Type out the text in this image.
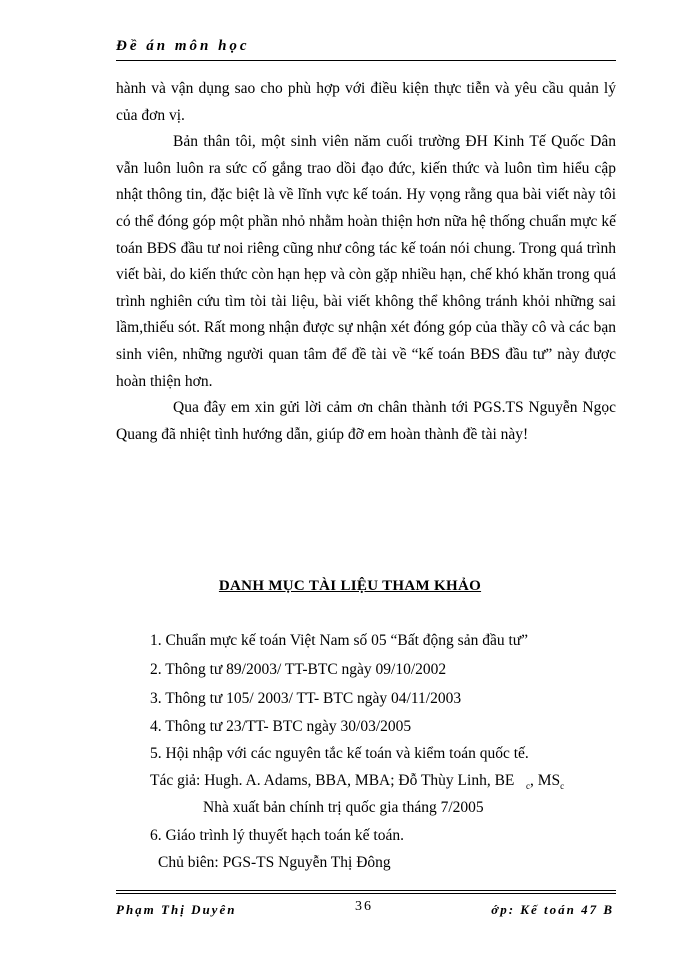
Đề án môn học

hành và vận dụng sao cho phù hợp với điều kiện thực tiễn và yêu cầu quản lý của đơn vị.

Bản thân tôi, một sinh viên năm cuối trường ĐH Kinh Tế Quốc Dân vẫn luôn luôn ra sức cố gắng trao dồi đạo đức, kiến thức và luôn tìm hiểu cập nhật thông tin, đặc biệt là về lĩnh vực kế toán. Hy vọng rằng qua bài viết này tôi có thể đóng góp một phần nhỏ nhằm hoàn thiện hơn nữa hệ thống chuẩn mực kế toán BĐS đầu tư noi riêng cũng như công tác kế toán nói chung. Trong quá trình viết bài, do kiến thức còn hạn hẹp và còn gặp nhiều hạn, chế khó khăn trong quá trình nghiên cứu tìm tòi tài liệu, bài viết không thể không tránh khỏi những sai lầm,thiếu sót. Rất mong nhận được sự nhận xét đóng góp của thầy cô và các bạn sinh viên, những người quan tâm để đề tài về “kế toán BĐS đầu tư” này được hoàn thiện hơn.

Qua đây em xin gửi lời cảm ơn chân thành tới PGS.TS Nguyễn Ngọc Quang đã nhiệt tình hướng dẫn, giúp đỡ em hoàn thành đề tài này!

DANH MỤC TÀI LIỆU THAM KHẢO
1. Chuẩn mực kế toán Việt Nam số 05 “Bất động sản đầu tư”
2. Thông tư 89/2003/ TT-BTC ngày 09/10/2002
3. Thông tư 105/ 2003/ TT- BTC ngày 04/11/2003
4. Thông tư 23/TT- BTC ngày 30/03/2005
5. Hội nhập với các nguyên tắc kế toán và kiểm toán quốc tế.
Tác giả: Hugh. A. Adams, BBA, MBA; Đỗ Thùy Linh, BE $_c$, $MS_c$
Nhà xuất bản chính trị quốc gia tháng 7/2005
6. Giáo trình lý thuyết hạch toán kế toán.
Chủ biên: PGS-TS Nguyễn Thị Đông
Phạm Thị Duyên	36	ớp: Kế toán 47 B
